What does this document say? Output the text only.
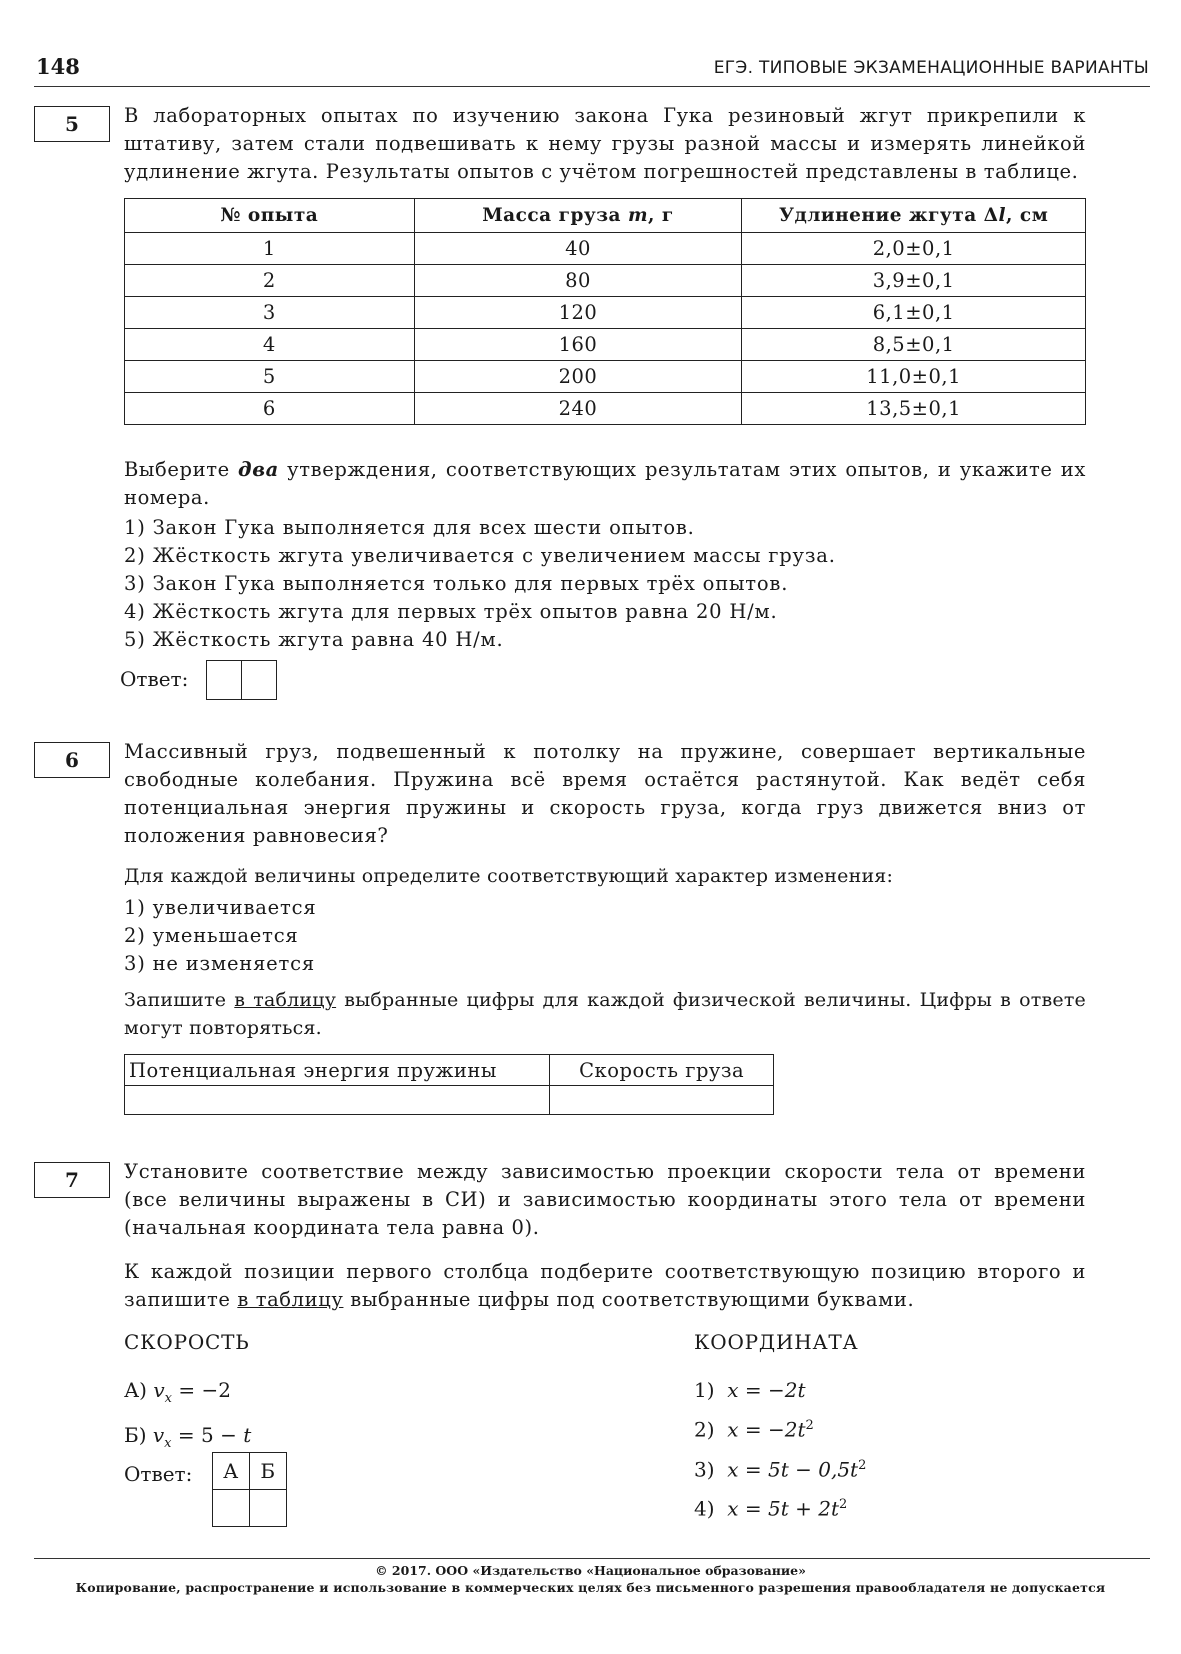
148	ЕГЭ. ТИПОВЫЕ ЭКЗАМЕНАЦИОННЫЕ ВАРИАНТЫ
5	В лабораторных опытах по изучению закона Гука резиновый жгут прикрепили к штативу, затем стали подвешивать к нему грузы разной массы и измерять линейкой удлинение жгута. Результаты опытов с учётом погрешностей представлены в таблице.
№ опыта	Масса груза m, г	Удлинение жгута Δl, см
1	40	2,0±0,1
2	80	3,9±0,1
3	120	6,1±0,1
4	160	8,5±0,1
5	200	11,0±0,1
6	240	13,5±0,1
Выберите два утверждения, соответствующих результатам этих опытов, и укажите их номера.
1) Закон Гука выполняется для всех шести опытов.
2) Жёсткость жгута увеличивается с увеличением массы груза.
3) Закон Гука выполняется только для первых трёх опытов.
4) Жёсткость жгута для первых трёх опытов равна 20 Н/м.
5) Жёсткость жгута равна 40 Н/м.
Ответ:
6	Массивный груз, подвешенный к потолку на пружине, совершает вертикальные свободные колебания. Пружина всё время остаётся растянутой. Как ведёт себя потенциальная энергия пружины и скорость груза, когда груз движется вниз от положения равновесия?
Для каждой величины определите соответствующий характер изменения:
1) увеличивается
2) уменьшается
3) не изменяется
Запишите в таблицу выбранные цифры для каждой физической величины. Цифры в ответе могут повторяться.
Потенциальная энергия пружины	Скорость груза

7	Установите соответствие между зависимостью проекции скорости тела от времени (все величины выражены в СИ) и зависимостью координаты этого тела от времени (начальная координата тела равна 0).
К каждой позиции первого столбца подберите соответствующую позицию второго и запишите в таблицу выбранные цифры под соответствующими буквами.
СКОРОСТЬ	КООРДИНАТА
А) $v_x = -2$
Б) $v_x = 5 - t$
1) x = −2t
2) $x = -2t^2$
3) $x = 5t - 0,5t^2$
4) $x = 5t + 2t^2$
Ответ: А	Б

© 2017. ООО «Издательство «Национальное образование»
Копирование, распространение и использование в коммерческих целях без письменного разрешения правообладателя не допускается
